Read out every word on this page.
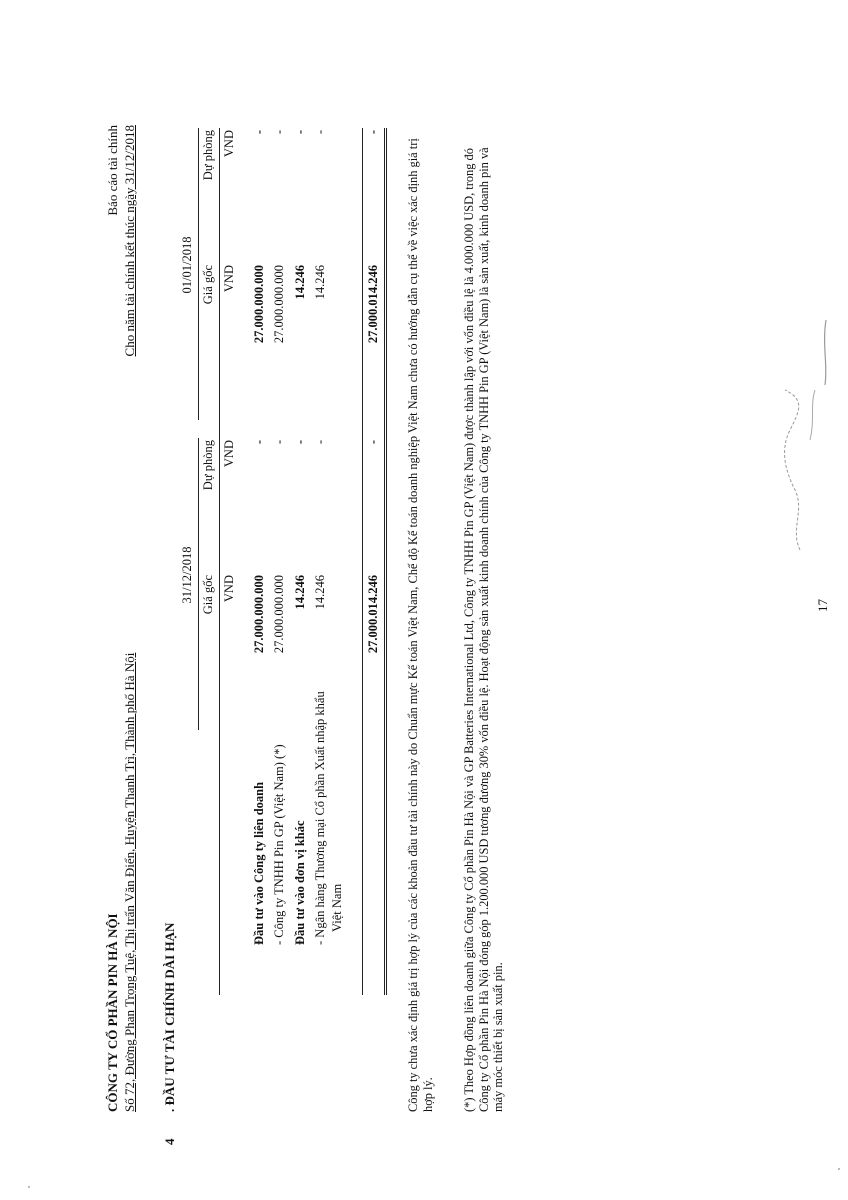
CÔNG TY CỔ PHẦN PIN HÀ NỘI Số 72, Đường Phan Trọng Tuệ, Thị trấn Văn Điển, Huyện Thanh Trì, Thành phố Hà Nội
Báo cáo tài chính Cho năm tài chính kết thúc ngày 31/12/2018
4
. ĐẦU TƯ TÀI CHÍNH DÀI HẠN
31/12/2018
01/01/2018
Giá gốc
Dự phòng
Giá gốc
Dự phòng
VND
VND
VND
VND
Đầu tư vào Công ty liên doanh
27.000.000.000
-
27.000.000.000
-
- Công ty TNHH Pin GP (Việt Nam) (*)
27.000.000.000
-
27.000.000.000
-
Đầu tư vào đơn vị khác
14.246
-
14.246
-
- Ngân hàng Thương mại Cổ phần Xuất nhập khẩu Việt Nam
14.246
-
14.246
-
27.000.014.246
-
27.000.014.246
-
Công ty chưa xác định giá trị hợp lý của các khoản đầu tư tài chính này do Chuẩn mực Kế toán Việt Nam, Chế độ Kế toán doanh nghiệp Việt Nam chưa có hướng dẫn cụ thể về việc xác định giá trị hợp lý. (*) Theo Hợp đồng liên doanh giữa Công ty Cổ phần Pin Hà Nội và GP Batteries International Ltd, Công ty TNHH Pin GP (Việt Nam) được thành lập với vốn điều lệ là 4.000.000 USD, trong đó Công ty Cổ phần Pin Hà Nội đóng góp 1.200.000 USD tương đương 30% vốn điều lệ. Hoạt động sản xuất kinh doanh chính của Công ty TNHH Pin GP (Việt Nam) là sản xuất, kinh doanh pin và máy móc thiết bị sản xuất pin.
17
